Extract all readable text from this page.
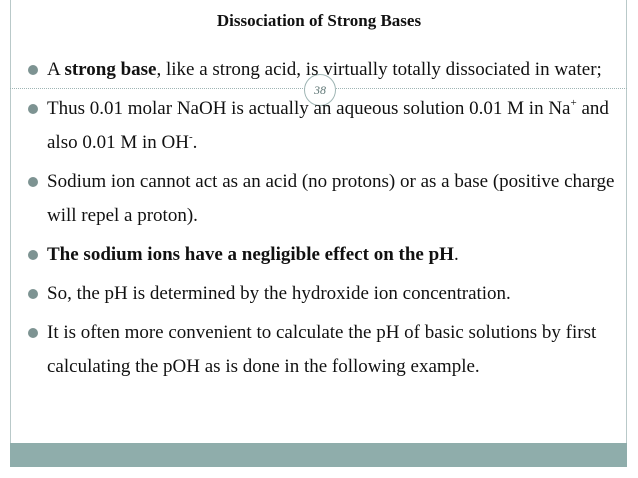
38
Dissociation of Strong Bases
A strong base, like a strong acid, is virtually totally dissociated in water;
Thus 0.01 molar NaOH is actually an aqueous solution 0.01 M in Na+ and also 0.01 M in OH-.
Sodium ion cannot act as an acid (no protons) or as a base (positive charge will repel a proton).
The sodium ions have a negligible effect on the pH.
So, the pH is determined by the hydroxide ion concentration.
It is often more convenient to calculate the pH of basic solutions by first calculating the pOH as is done in the following example.
